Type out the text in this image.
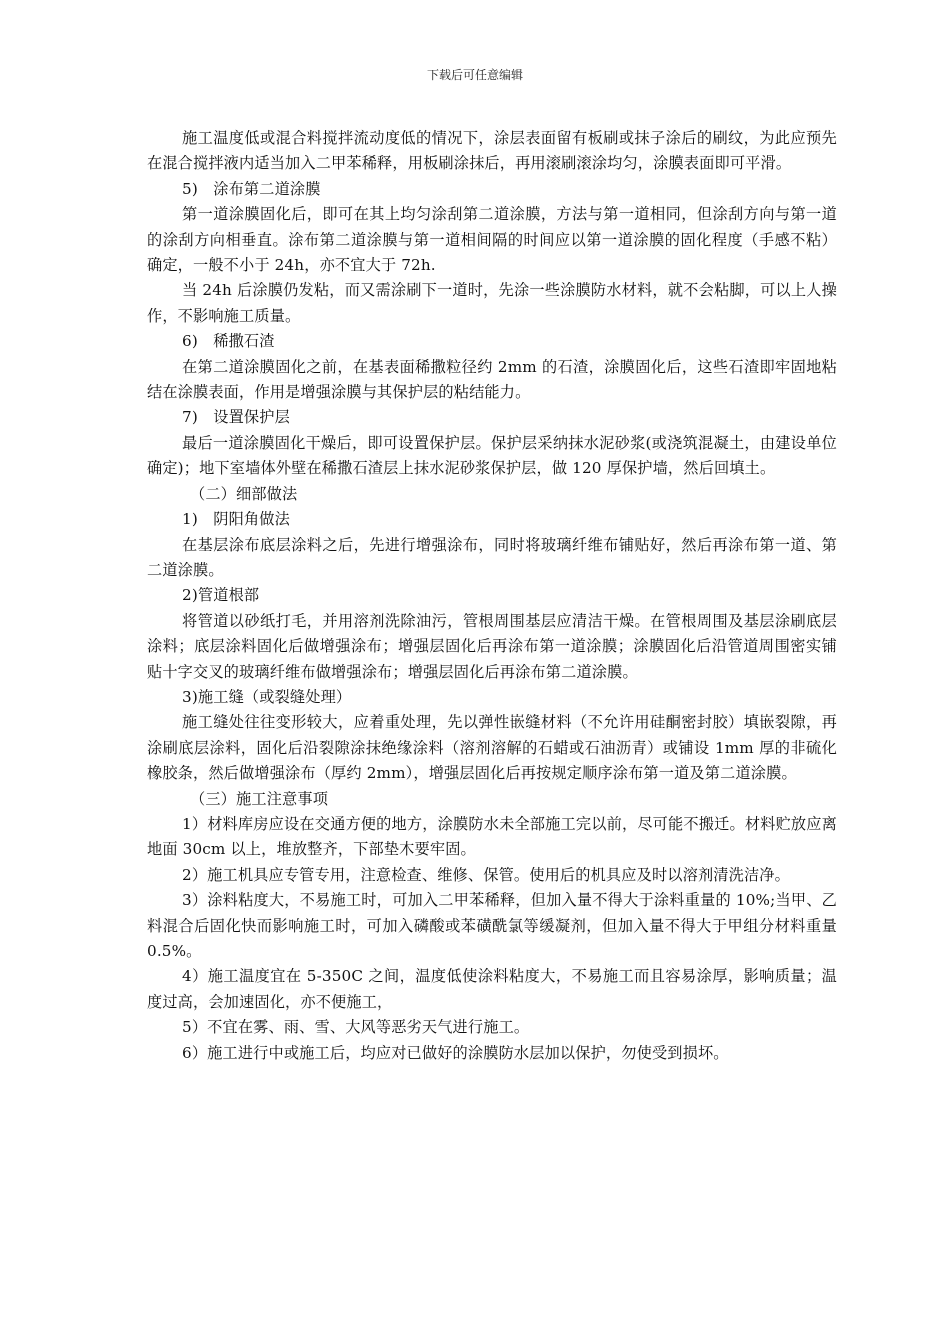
下载后可任意编辑

施工温度低或混合料搅拌流动度低的情况下，涂层表面留有板刷或抹子涂后的刷纹，为此应预先在混合搅拌液内适当加入二甲苯稀释，用板刷涂抹后，再用滚刷滚涂均匀，涂膜表面即可平滑。

5)　涂布第二道涂膜

第一道涂膜固化后，即可在其上均匀涂刮第二道涂膜，方法与第一道相同，但涂刮方向与第一道的涂刮方向相垂直。涂布第二道涂膜与第一道相间隔的时间应以第一道涂膜的固化程度（手感不粘）确定，一般不小于 24h，亦不宜大于 72h.

当 24h 后涂膜仍发粘，而又需涂刷下一道时，先涂一些涂膜防水材料，就不会粘脚，可以上人操作，不影响施工质量。

6)　稀撒石渣

在第二道涂膜固化之前，在基表面稀撒粒径约 2mm 的石渣，涂膜固化后，这些石渣即牢固地粘结在涂膜表面，作用是增强涂膜与其保护层的粘结能力。

7)　设置保护层

最后一道涂膜固化干燥后，即可设置保护层。保护层采纳抹水泥砂浆(或浇筑混凝土，由建设单位确定)；地下室墙体外壁在稀撒石渣层上抹水泥砂浆保护层，做 120 厚保护墙，然后回填土。

（二）细部做法

1)　阴阳角做法

在基层涂布底层涂料之后，先进行增强涂布，同时将玻璃纤维布铺贴好，然后再涂布第一道、第二道涂膜。

2)管道根部

将管道以砂纸打毛，并用溶剂洗除油污，管根周围基层应清洁干燥。在管根周围及基层涂刷底层涂料；底层涂料固化后做增强涂布；增强层固化后再涂布第一道涂膜；涂膜固化后沿管道周围密实铺贴十字交叉的玻璃纤维布做增强涂布；增强层固化后再涂布第二道涂膜。

3)施工缝（或裂缝处理）

施工缝处往往变形较大，应着重处理，先以弹性嵌缝材料（不允许用硅酮密封胶）填嵌裂隙，再涂刷底层涂料，固化后沿裂隙涂抹绝缘涂料（溶剂溶解的石蜡或石油沥青）或铺设 1mm 厚的非硫化橡胶条，然后做增强涂布（厚约 2mm），增强层固化后再按规定顺序涂布第一道及第二道涂膜。

（三）施工注意事项

1）材料库房应设在交通方便的地方，涂膜防水未全部施工完以前，尽可能不搬迁。材料贮放应离地面 30cm 以上，堆放整齐，下部垫木要牢固。

2）施工机具应专管专用，注意检查、维修、保管。使用后的机具应及时以溶剂清洗洁净。

3）涂料粘度大，不易施工时，可加入二甲苯稀释，但加入量不得大于涂料重量的 10%;当甲、乙料混合后固化快而影响施工时，可加入磷酸或苯磺酰氯等缓凝剂，但加入量不得大于甲组分材料重量 0.5%。

4）施工温度宜在 5-350C 之间，温度低使涂料粘度大，不易施工而且容易涂厚，影响质量；温度过高，会加速固化，亦不便施工，

5）不宜在雾、雨、雪、大风等恶劣天气进行施工。

6）施工进行中或施工后，均应对已做好的涂膜防水层加以保护，勿使受到损坏。
